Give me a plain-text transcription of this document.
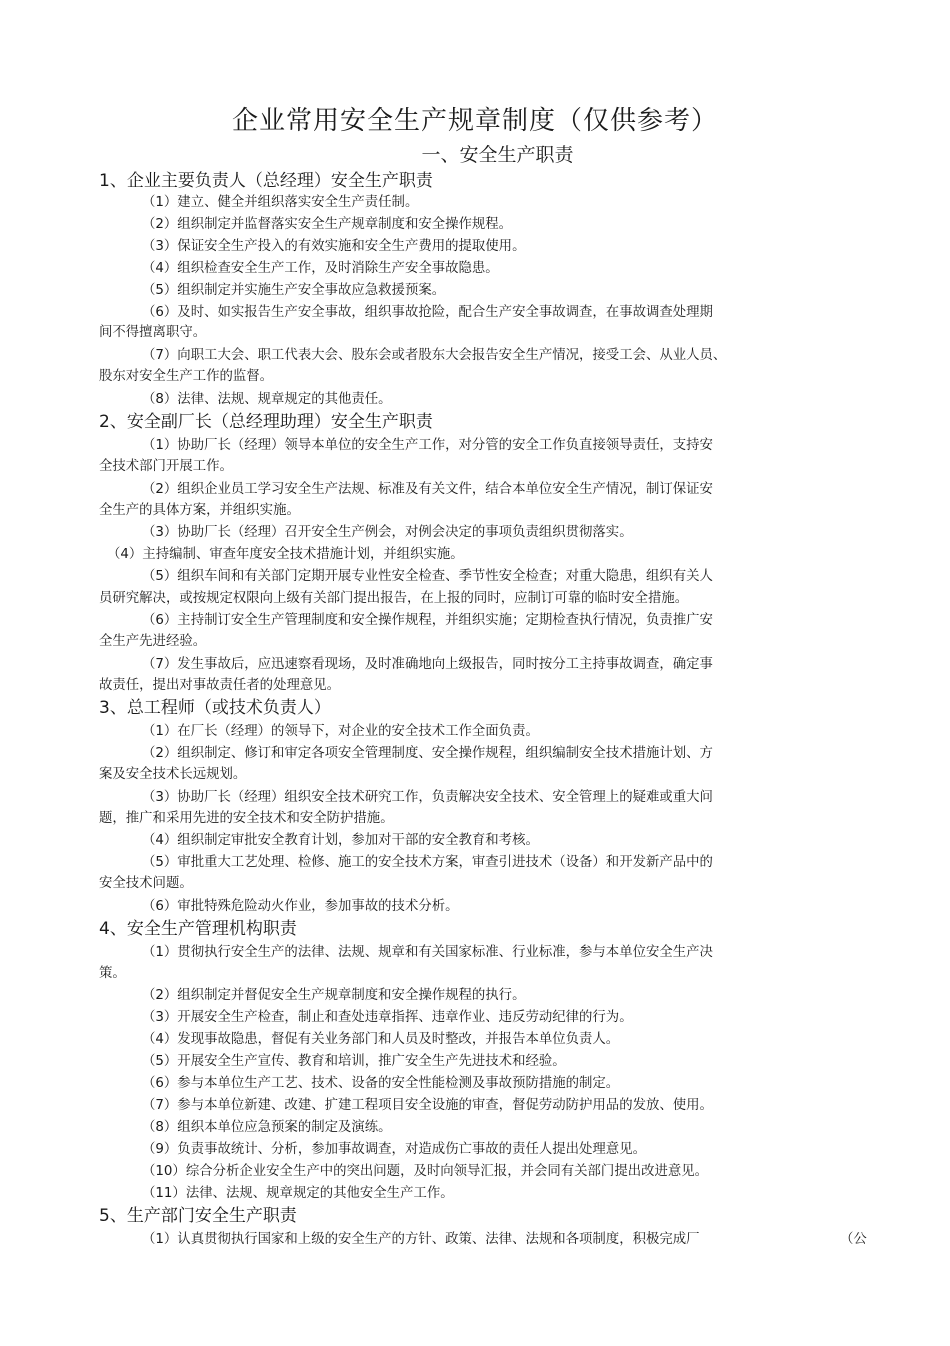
企业常用安全生产规章制度（仅供参考）
一、安全生产职责
1、企业主要负责人（总经理）安全生产职责
（1）建立、健全并组织落实安全生产责任制。
（2）组织制定并监督落实安全生产规章制度和安全操作规程。
（3）保证安全生产投入的有效实施和安全生产费用的提取使用。
（4）组织检查安全生产工作，及时消除生产安全事故隐患。
（5）组织制定并实施生产安全事故应急救援预案。
（6）及时、如实报告生产安全事故，组织事故抢险，配合生产安全事故调查，在事故调查处理期
间不得擅离职守。
（7）向职工大会、职工代表大会、股东会或者股东大会报告安全生产情况，接受工会、从业人员、
股东对安全生产工作的监督。
（8）法律、法规、规章规定的其他责任。
2、安全副厂长（总经理助理）安全生产职责
（1）协助厂长（经理）领导本单位的安全生产工作，对分管的安全工作负直接领导责任，支持安
全技术部门开展工作。
（2）组织企业员工学习安全生产法规、标准及有关文件，结合本单位安全生产情况，制订保证安
全生产的具体方案，并组织实施。
（3）协助厂长（经理）召开安全生产例会，对例会决定的事项负责组织贯彻落实。
（4）主持编制、审查年度安全技术措施计划，并组织实施。
（5）组织车间和有关部门定期开展专业性安全检查、季节性安全检查；对重大隐患，组织有关人
员研究解决，或按规定权限向上级有关部门提出报告，在上报的同时，应制订可靠的临时安全措施。
（6）主持制订安全生产管理制度和安全操作规程，并组织实施；定期检查执行情况，负责推广安
全生产先进经验。
（7）发生事故后，应迅速察看现场，及时准确地向上级报告，同时按分工主持事故调查，确定事
故责任，提出对事故责任者的处理意见。
3、总工程师（或技术负责人）
（1）在厂长（经理）的领导下，对企业的安全技术工作全面负责。
（2）组织制定、修订和审定各项安全管理制度、安全操作规程，组织编制安全技术措施计划、方
案及安全技术长远规划。
（3）协助厂长（经理）组织安全技术研究工作，负责解决安全技术、安全管理上的疑难或重大问
题，推广和采用先进的安全技术和安全防护措施。
（4）组织制定审批安全教育计划，参加对干部的安全教育和考核。
（5）审批重大工艺处理、检修、施工的安全技术方案，审查引进技术（设备）和开发新产品中的
安全技术问题。
（6）审批特殊危险动火作业，参加事故的技术分析。
4、安全生产管理机构职责
（1）贯彻执行安全生产的法律、法规、规章和有关国家标准、行业标准，参与本单位安全生产决
策。
（2）组织制定并督促安全生产规章制度和安全操作规程的执行。
（3）开展安全生产检查，制止和查处违章指挥、违章作业、违反劳动纪律的行为。
（4）发现事故隐患，督促有关业务部门和人员及时整改，并报告本单位负责人。
（5）开展安全生产宣传、教育和培训，推广安全生产先进技术和经验。
（6）参与本单位生产工艺、技术、设备的安全性能检测及事故预防措施的制定。
（7）参与本单位新建、改建、扩建工程项目安全设施的审查，督促劳动防护用品的发放、使用。
（8）组织本单位应急预案的制定及演练。
（9）负责事故统计、分析，参加事故调查，对造成伤亡事故的责任人提出处理意见。
（10）综合分析企业安全生产中的突出问题，及时向领导汇报，并会同有关部门提出改进意见。
（11）法律、法规、规章规定的其他安全生产工作。
5、生产部门安全生产职责
（1）认真贯彻执行国家和上级的安全生产的方针、政策、法律、法规和各项制度，积极完成厂	（公
